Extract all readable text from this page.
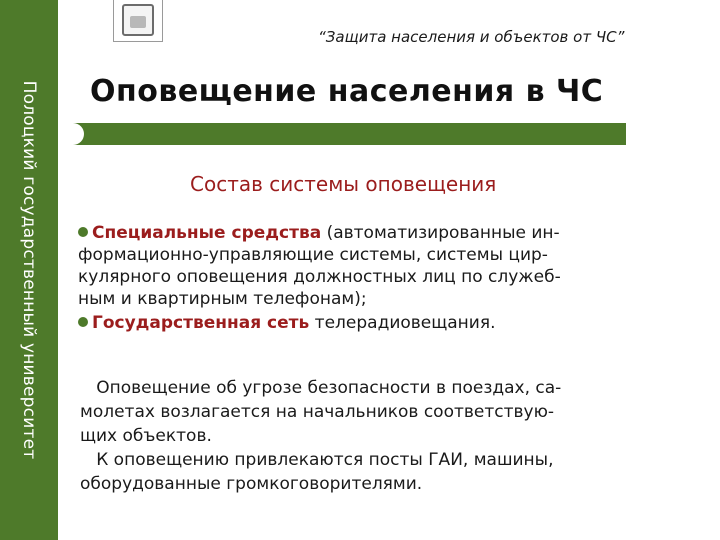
Полоцкий государственный университет
“Защита населения и объектов от ЧС”
Оповещение населения в ЧС
Состав системы оповещения
Специальные средства (автоматизированные ин-
формационно-управляющие системы, системы цир-
кулярного оповещения должностных лиц по служеб-
ным и квартирным телефонам);
Государственная сеть телерадиовещания.
Оповещение об угрозе безопасности в поездах, са-
молетах возлагается на начальников соответствую-
щих объектов.
К оповещению привлекаются посты ГАИ, машины,
оборудованные громкоговорителями.
